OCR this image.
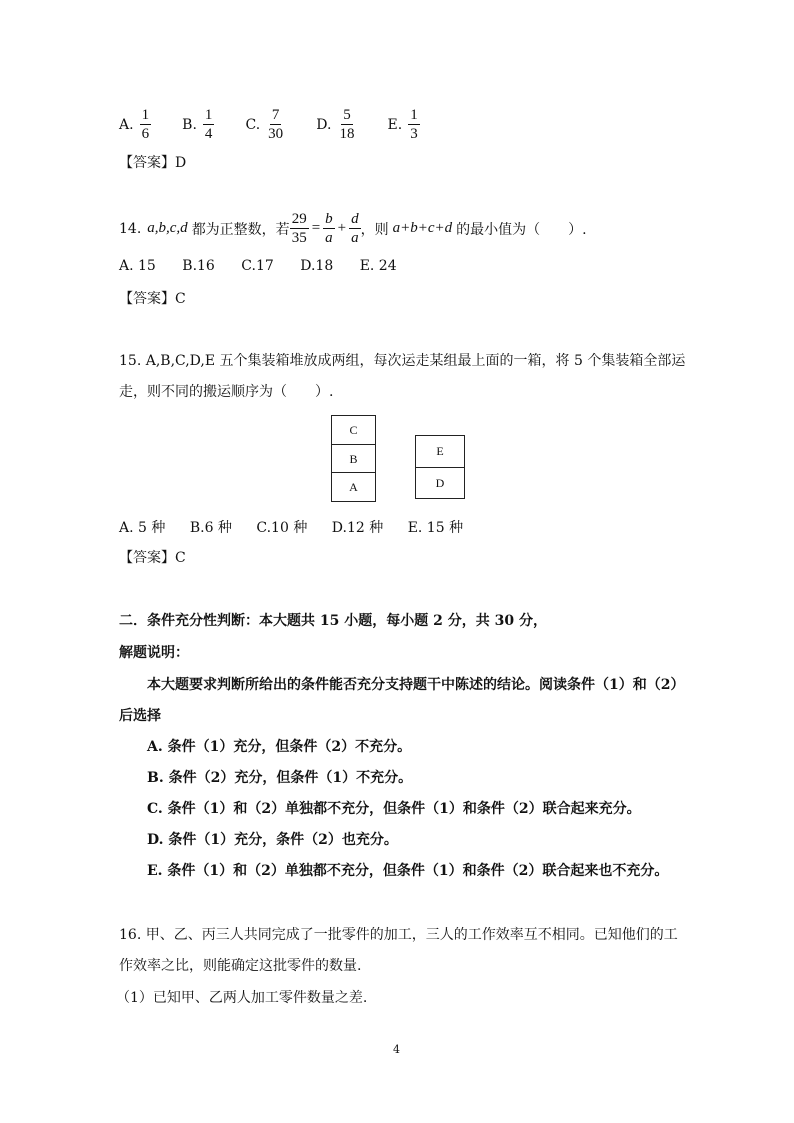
A. $\frac{1}{6}$
B. $\frac{1}{4}$
C. $\frac{7}{30}$
D. $\frac{5}{18}$
E. $\frac{1}{3}$
【答案】D
14. a,b,c,d 都为正整数，若 $\frac{29}{35} = \frac{b}{a} + \frac{d}{a}$ ，则 a+b+c+d 的最小值为（　　）.
A. 15 B.16 C.17 D.18 E. 24
【答案】C
15. A,B,C,D,E 五个集装箱堆放成两组，每次运走某组最上面的一箱，将 5 个集装箱全部运
走，则不同的搬运顺序为（　　）.
C
B
A
E
D
A. 5 种 B.6 种 C.10 种 D.12 种 E. 15 种
【答案】C
二．条件充分性判断：本大题共 15 小题，每小题 2 分，共 30 分，
解题说明：
本大题要求判断所给出的条件能否充分支持题干中陈述的结论。阅读条件（1）和（2）
后选择
A. 条件（1）充分，但条件（2）不充分。
B. 条件（2）充分，但条件（1）不充分。
C. 条件（1）和（2）单独都不充分，但条件（1）和条件（2）联合起来充分。
D. 条件（1）充分，条件（2）也充分。
E. 条件（1）和（2）单独都不充分，但条件（1）和条件（2）联合起来也不充分。
16. 甲、乙、丙三人共同完成了一批零件的加工，三人的工作效率互不相同。已知他们的工
作效率之比，则能确定这批零件的数量.
（1）已知甲、乙两人加工零件数量之差.
4
